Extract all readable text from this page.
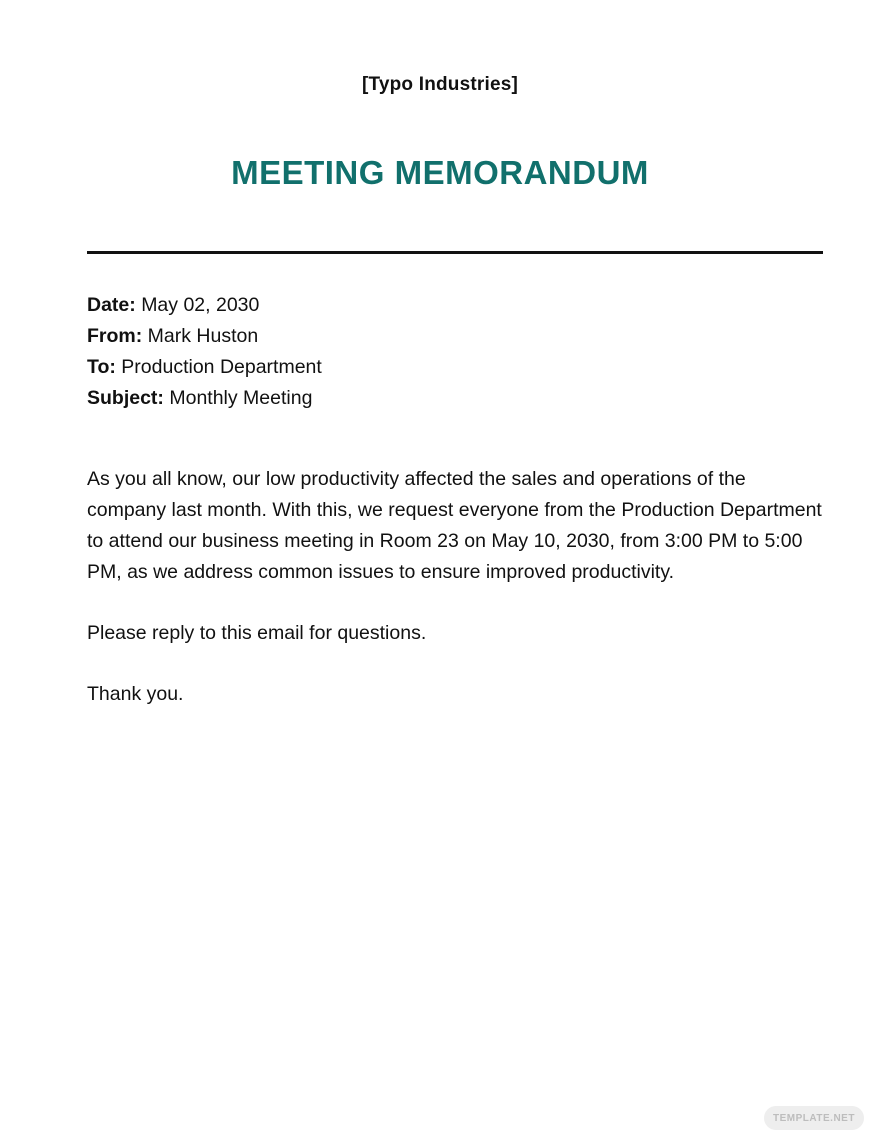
[Typo Industries]
MEETING MEMORANDUM
Date: May 02, 2030
From: Mark Huston
To: Production Department
Subject: Monthly Meeting

As you all know, our low productivity affected the sales and operations of the company last month. With this, we request everyone from the Production Department to attend our business meeting in Room 23 on May 10, 2030, from 3:00 PM to 5:00 PM, as we address common issues to ensure improved productivity.

Please reply to this email for questions.

Thank you.

TEMPLATE.NET
